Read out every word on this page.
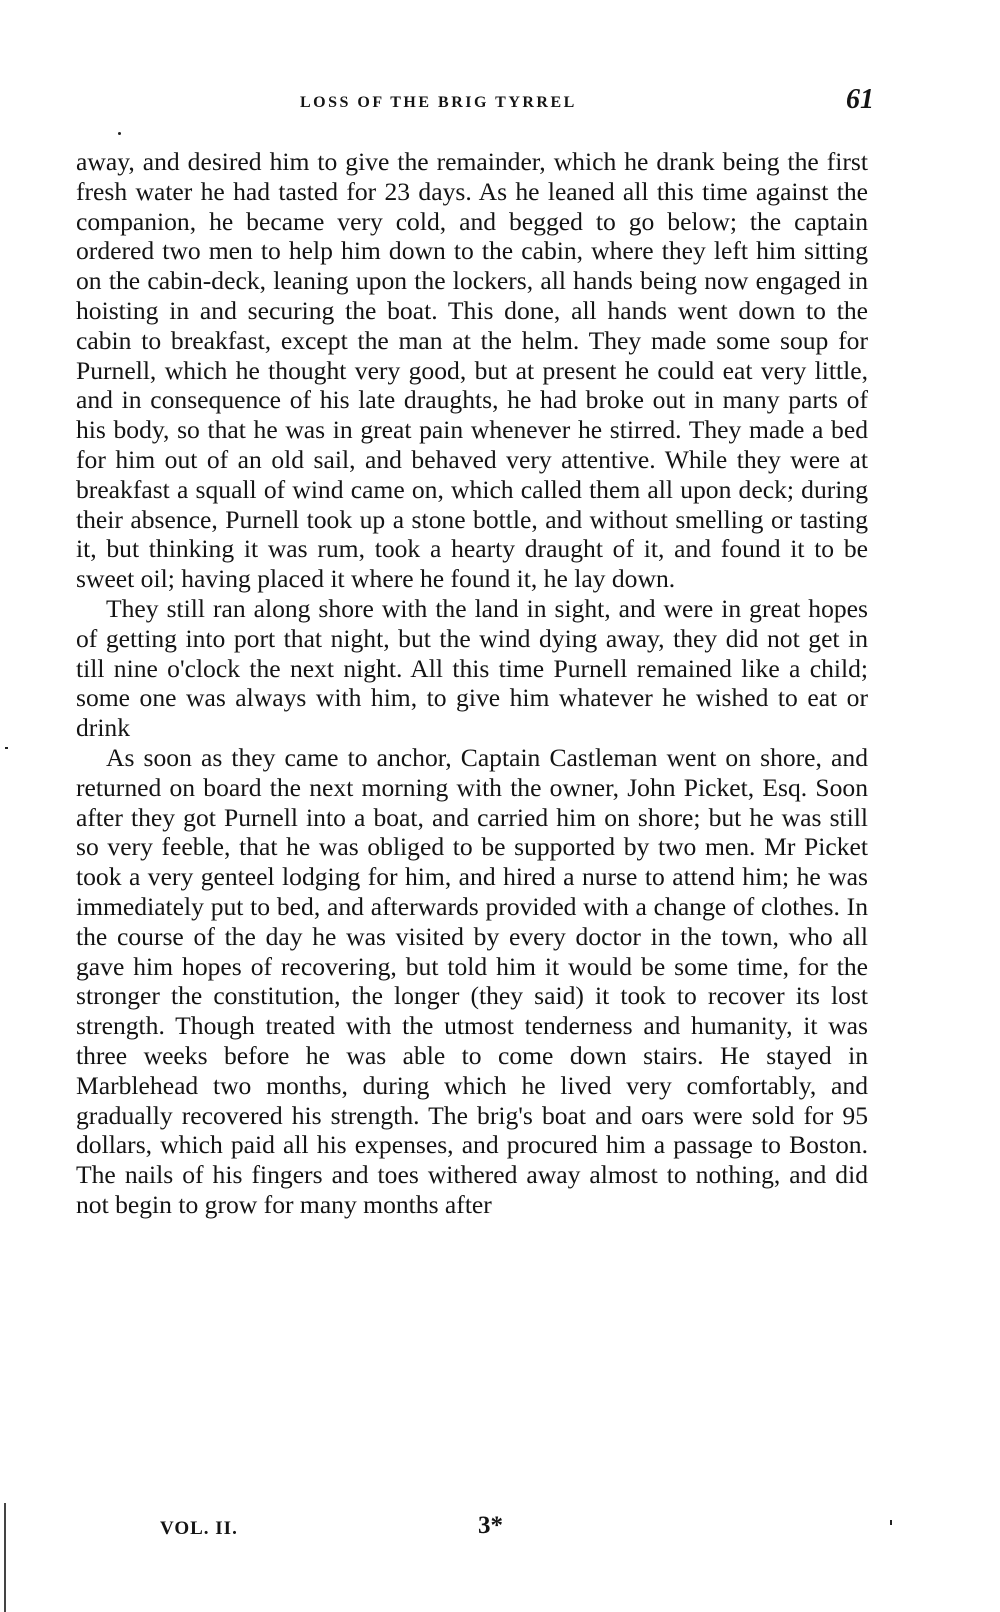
LOSS OF THE BRIG TYRREL	61

away, and desired him to give the remainder, which he drank being the first fresh water he had tasted for 23 days. As he leaned all this time against the companion, he became very cold, and begged to go below; the captain ordered two men to help him down to the cabin, where they left him sitting on the cabin-deck, leaning upon the lockers, all hands being now engaged in hoisting in and securing the boat. This done, all hands went down to the cabin to breakfast, except the man at the helm. They made some soup for Purnell, which he thought very good, but at present he could eat very little, and in consequence of his late draughts, he had broke out in many parts of his body, so that he was in great pain whenever he stirred. They made a bed for him out of an old sail, and behaved very attentive. While they were at breakfast a squall of wind came on, which called them all upon deck; during their absence, Purnell took up a stone bottle, and without smelling or tasting it, but thinking it was rum, took a hearty draught of it, and found it to be sweet oil; having placed it where he found it, he lay down.

They still ran along shore with the land in sight, and were in great hopes of getting into port that night, but the wind dying away, they did not get in till nine o'clock the next night. All this time Purnell remained like a child; some one was always with him, to give him whatever he wished to eat or drink

As soon as they came to anchor, Captain Castleman went on shore, and returned on board the next morning with the owner, John Picket, Esq. Soon after they got Purnell into a boat, and carried him on shore; but he was still so very feeble, that he was obliged to be supported by two men. Mr Picket took a very genteel lodging for him, and hired a nurse to attend him; he was immediately put to bed, and afterwards provided with a change of clothes. In the course of the day he was visited by every doctor in the town, who all gave him hopes of recovering, but told him it would be some time, for the stronger the constitution, the longer (they said) it took to recover its lost strength. Though treated with the utmost tenderness and humanity, it was three weeks before he was able to come down stairs. He stayed in Marblehead two months, during which he lived very comfortably, and gradually recovered his strength. The brig's boat and oars were sold for 95 dollars, which paid all his expenses, and procured him a passage to Boston. The nails of his fingers and toes withered away almost to nothing, and did not begin to grow for many months after

VOL. II.	3*
